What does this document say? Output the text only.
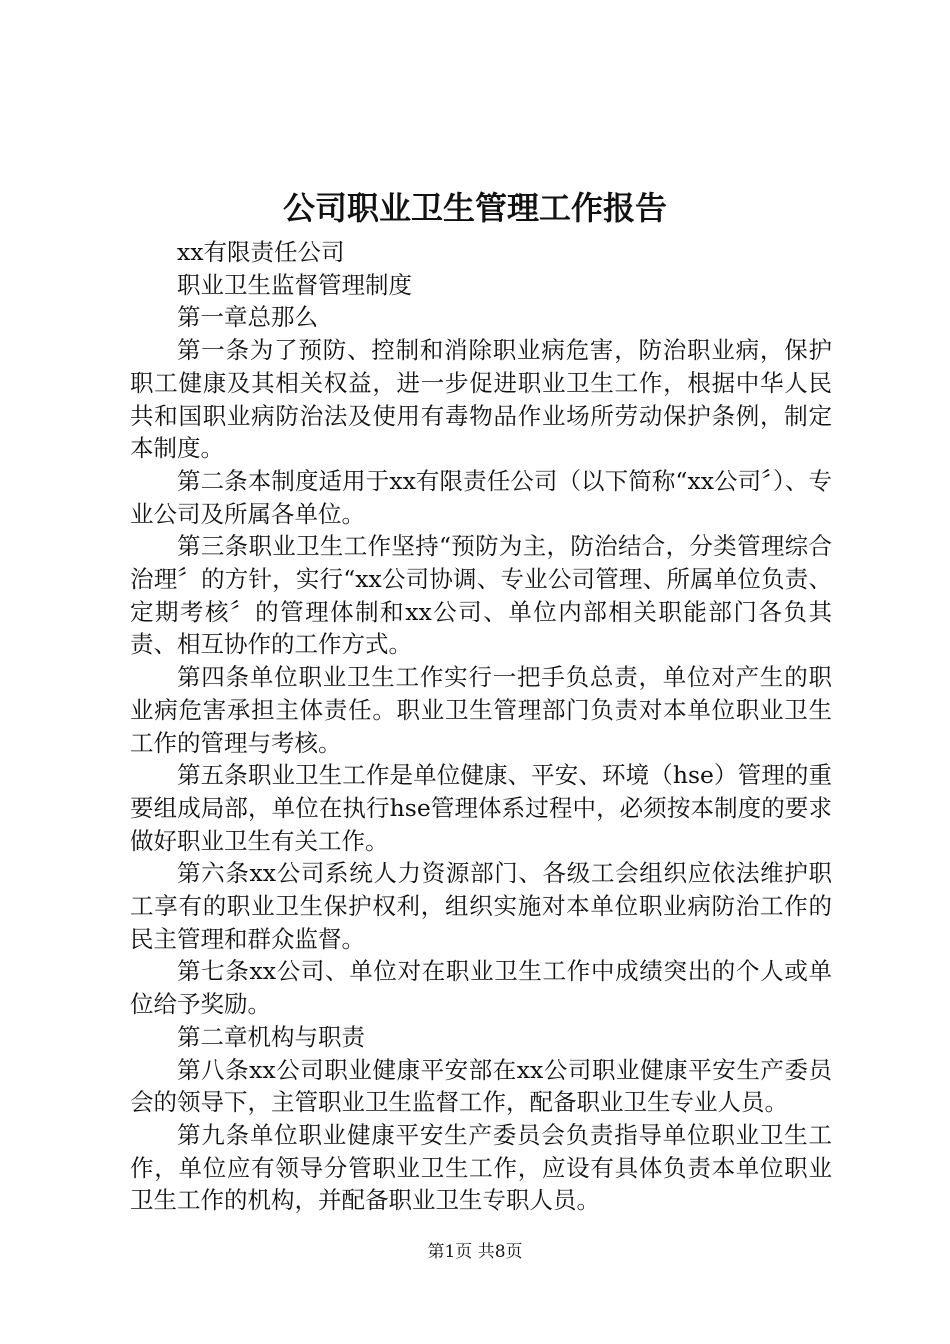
公司职业卫生管理工作报告

xx有限责任公司

职业卫生监督管理制度

第一章总那么

第一条为了预防、控制和消除职业病危害，防治职业病，保护职工健康及其相关权益，进一步促进职业卫生工作，根据中华人民共和国职业病防治法及使用有毒物品作业场所劳动保护条例，制定本制度。

第二条本制度适用于xx有限责任公司（以下简称“xx公司〞）、专业公司及所属各单位。

第三条职业卫生工作坚持“预防为主，防治结合，分类管理综合治理〞的方针，实行“xx公司协调、专业公司管理、所属单位负责、定期考核〞的管理体制和xx公司、单位内部相关职能部门各负其责、相互协作的工作方式。

第四条单位职业卫生工作实行一把手负总责，单位对产生的职业病危害承担主体责任。职业卫生管理部门负责对本单位职业卫生工作的管理与考核。

第五条职业卫生工作是单位健康、平安、环境（hse）管理的重要组成局部，单位在执行hse管理体系过程中，必须按本制度的要求做好职业卫生有关工作。

第六条xx公司系统人力资源部门、各级工会组织应依法维护职工享有的职业卫生保护权利，组织实施对本单位职业病防治工作的民主管理和群众监督。

第七条xx公司、单位对在职业卫生工作中成绩突出的个人或单位给予奖励。

第二章机构与职责

第八条xx公司职业健康平安部在xx公司职业健康平安生产委员会的领导下，主管职业卫生监督工作，配备职业卫生专业人员。

第九条单位职业健康平安生产委员会负责指导单位职业卫生工作，单位应有领导分管职业卫生工作，应设有具体负责本单位职业卫生工作的机构，并配备职业卫生专职人员。

第1页 共8页
